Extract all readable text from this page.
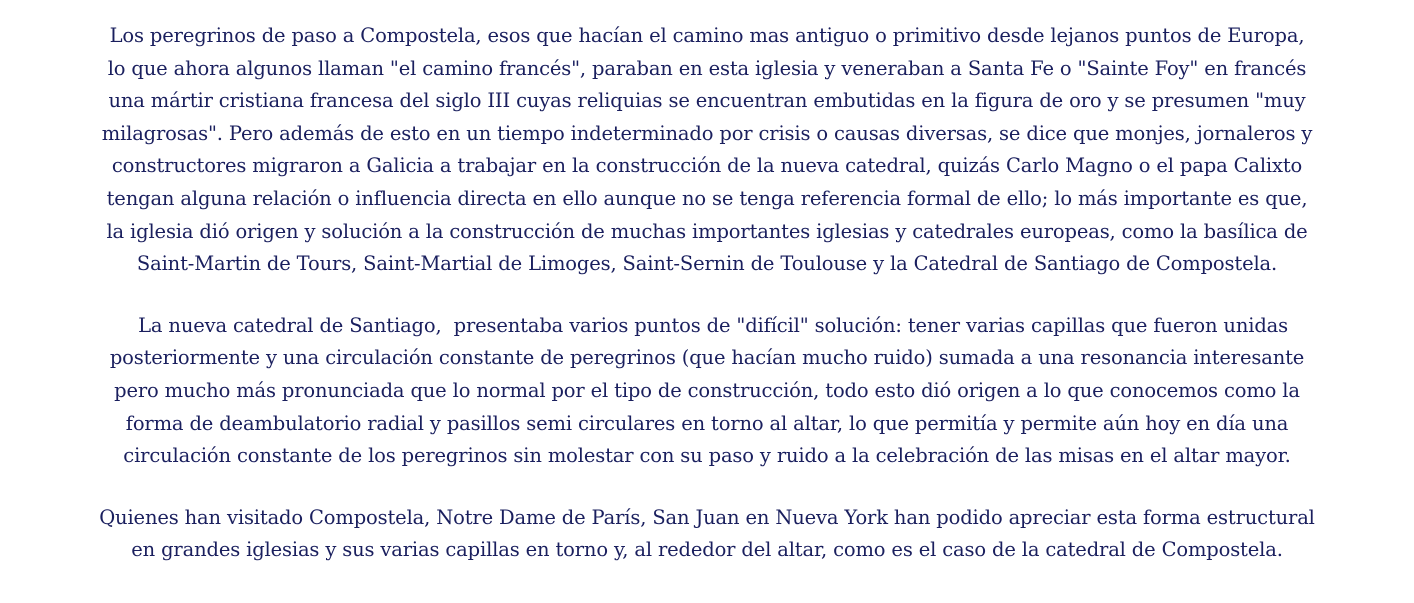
Los peregrinos de paso a Compostela, esos que hacían el camino mas antiguo o primitivo desde lejanos puntos de Europa,
lo que ahora algunos llaman "el camino francés", paraban en esta iglesia y veneraban a Santa Fe o "Sainte Foy" en francés
una mártir cristiana francesa del siglo III cuyas reliquias se encuentran embutidas en la figura de oro y se presumen "muy
milagrosas". Pero además de esto en un tiempo indeterminado por crisis o causas diversas, se dice que monjes, jornaleros y
constructores migraron a Galicia a trabajar en la construcción de la nueva catedral, quizás Carlo Magno o el papa Calixto
tengan alguna relación o influencia directa en ello aunque no se tenga referencia formal de ello; lo más importante es que,
la iglesia dió origen y solución a la construcción de muchas importantes iglesias y catedrales europeas, como la basílica de
Saint-Martin de Tours, Saint-Martial de Limoges, Saint-Sernin de Toulouse y la Catedral de Santiago de Compostela.
La nueva catedral de Santiago,  presentaba varios puntos de "difícil" solución: tener varias capillas que fueron unidas
posteriormente y una circulación constante de peregrinos (que hacían mucho ruido) sumada a una resonancia interesante
pero mucho más pronunciada que lo normal por el tipo de construcción, todo esto dió origen a lo que conocemos como la
forma de deambulatorio radial y pasillos semi circulares en torno al altar, lo que permitía y permite aún hoy en día una
circulación constante de los peregrinos sin molestar con su paso y ruido a la celebración de las misas en el altar mayor.
Quienes han visitado Compostela, Notre Dame de París, San Juan en Nueva York han podido apreciar esta forma estructural
en grandes iglesias y sus varias capillas en torno y, al rededor del altar, como es el caso de la catedral de Compostela.
